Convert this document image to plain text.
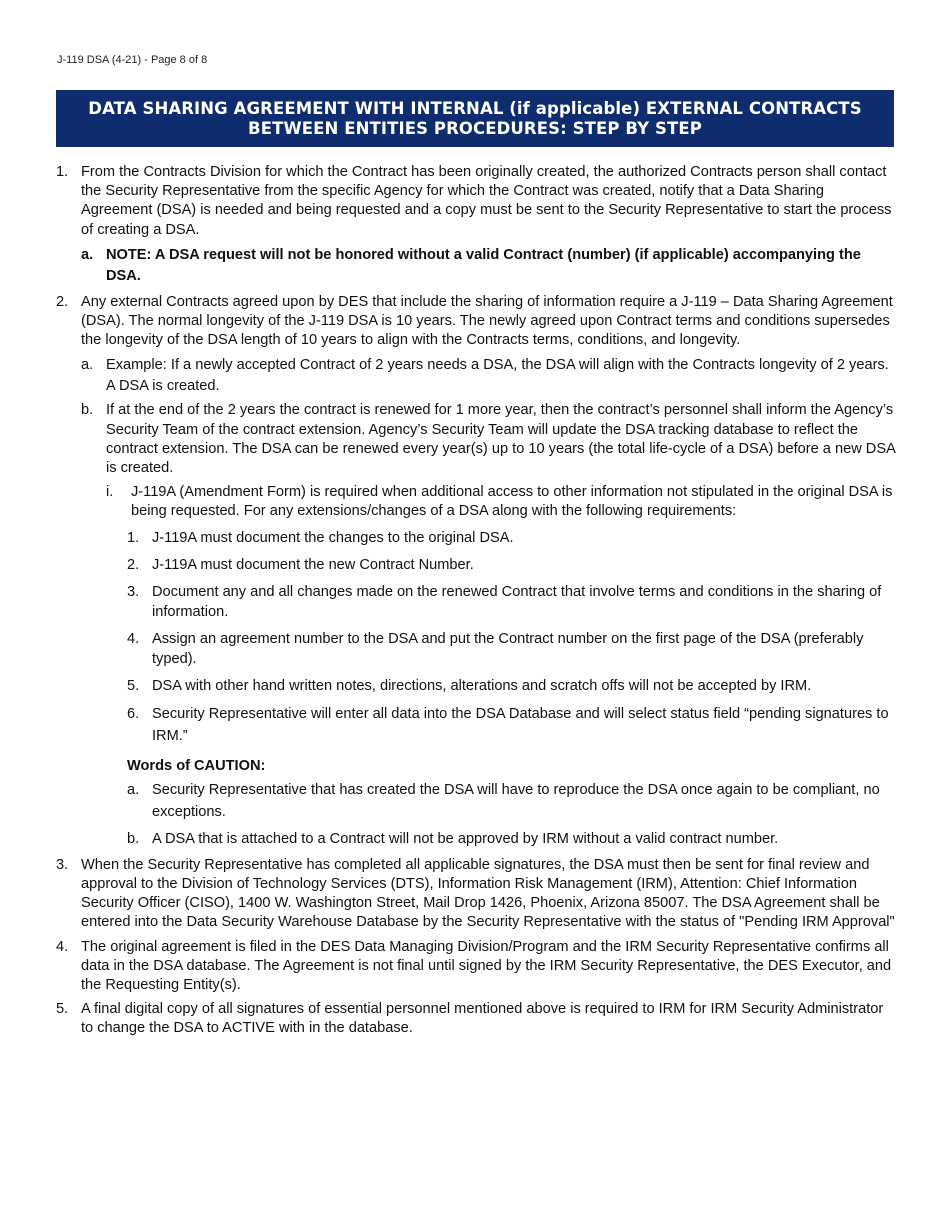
J-119 DSA (4-21) - Page 8 of 8
DATA SHARING AGREEMENT WITH INTERNAL (if applicable) EXTERNAL CONTRACTS
BETWEEN ENTITIES PROCEDURES: STEP BY STEP
1. From the Contracts Division for which the Contract has been originally created, the authorized Contracts person shall contact the Security Representative from the specific Agency for which the Contract was created, notify that a Data Sharing Agreement (DSA) is needed and being requested and a copy must be sent to the Security Representative to start the process of creating a DSA.
a. NOTE: A DSA request will not be honored without a valid Contract (number) (if applicable) accompanying the DSA.
2. Any external Contracts agreed upon by DES that include the sharing of information require a J-119 – Data Sharing Agreement (DSA). The normal longevity of the J-119 DSA is 10 years. The newly agreed upon Contract terms and conditions supersedes the longevity of the DSA length of 10 years to align with the Contracts terms, conditions, and longevity.
a. Example: If a newly accepted Contract of 2 years needs a DSA, the DSA will align with the Contracts longevity of 2 years. A DSA is created.
b. If at the end of the 2 years the contract is renewed for 1 more year, then the contract’s personnel shall inform the Agency’s Security Team of the contract extension. Agency’s Security Team will update the DSA tracking database to reflect the contract extension. The DSA can be renewed every year(s) up to 10 years (the total life-cycle of a DSA) before a new DSA is created.
i. J-119A (Amendment Form) is required when additional access to other information not stipulated in the original DSA is being requested. For any extensions/changes of a DSA along with the following requirements:
1. J-119A must document the changes to the original DSA.
2. J-119A must document the new Contract Number.
3. Document any and all changes made on the renewed Contract that involve terms and conditions in the sharing of information.
4. Assign an agreement number to the DSA and put the Contract number on the first page of the DSA (preferably typed).
5. DSA with other hand written notes, directions, alterations and scratch offs will not be accepted by IRM.
6. Security Representative will enter all data into the DSA Database and will select status field “pending signatures to IRM.”
Words of CAUTION:
a. Security Representative that has created the DSA will have to reproduce the DSA once again to be compliant, no exceptions.
b. A DSA that is attached to a Contract will not be approved by IRM without a valid contract number.
3. When the Security Representative has completed all applicable signatures, the DSA must then be sent for final review and approval to the Division of Technology Services (DTS), Information Risk Management (IRM), Attention: Chief Information Security Officer (CISO), 1400 W. Washington Street, Mail Drop 1426, Phoenix, Arizona 85007. The DSA Agreement shall be entered into the Data Security Warehouse Database by the Security Representative with the status of "Pending IRM Approval"
4. The original agreement is filed in the DES Data Managing Division/Program and the IRM Security Representative confirms all data in the DSA database. The Agreement is not final until signed by the IRM Security Representative, the DES Executor, and the Requesting Entity(s).
5. A final digital copy of all signatures of essential personnel mentioned above is required to IRM for IRM Security Administrator to change the DSA to ACTIVE with in the database.
